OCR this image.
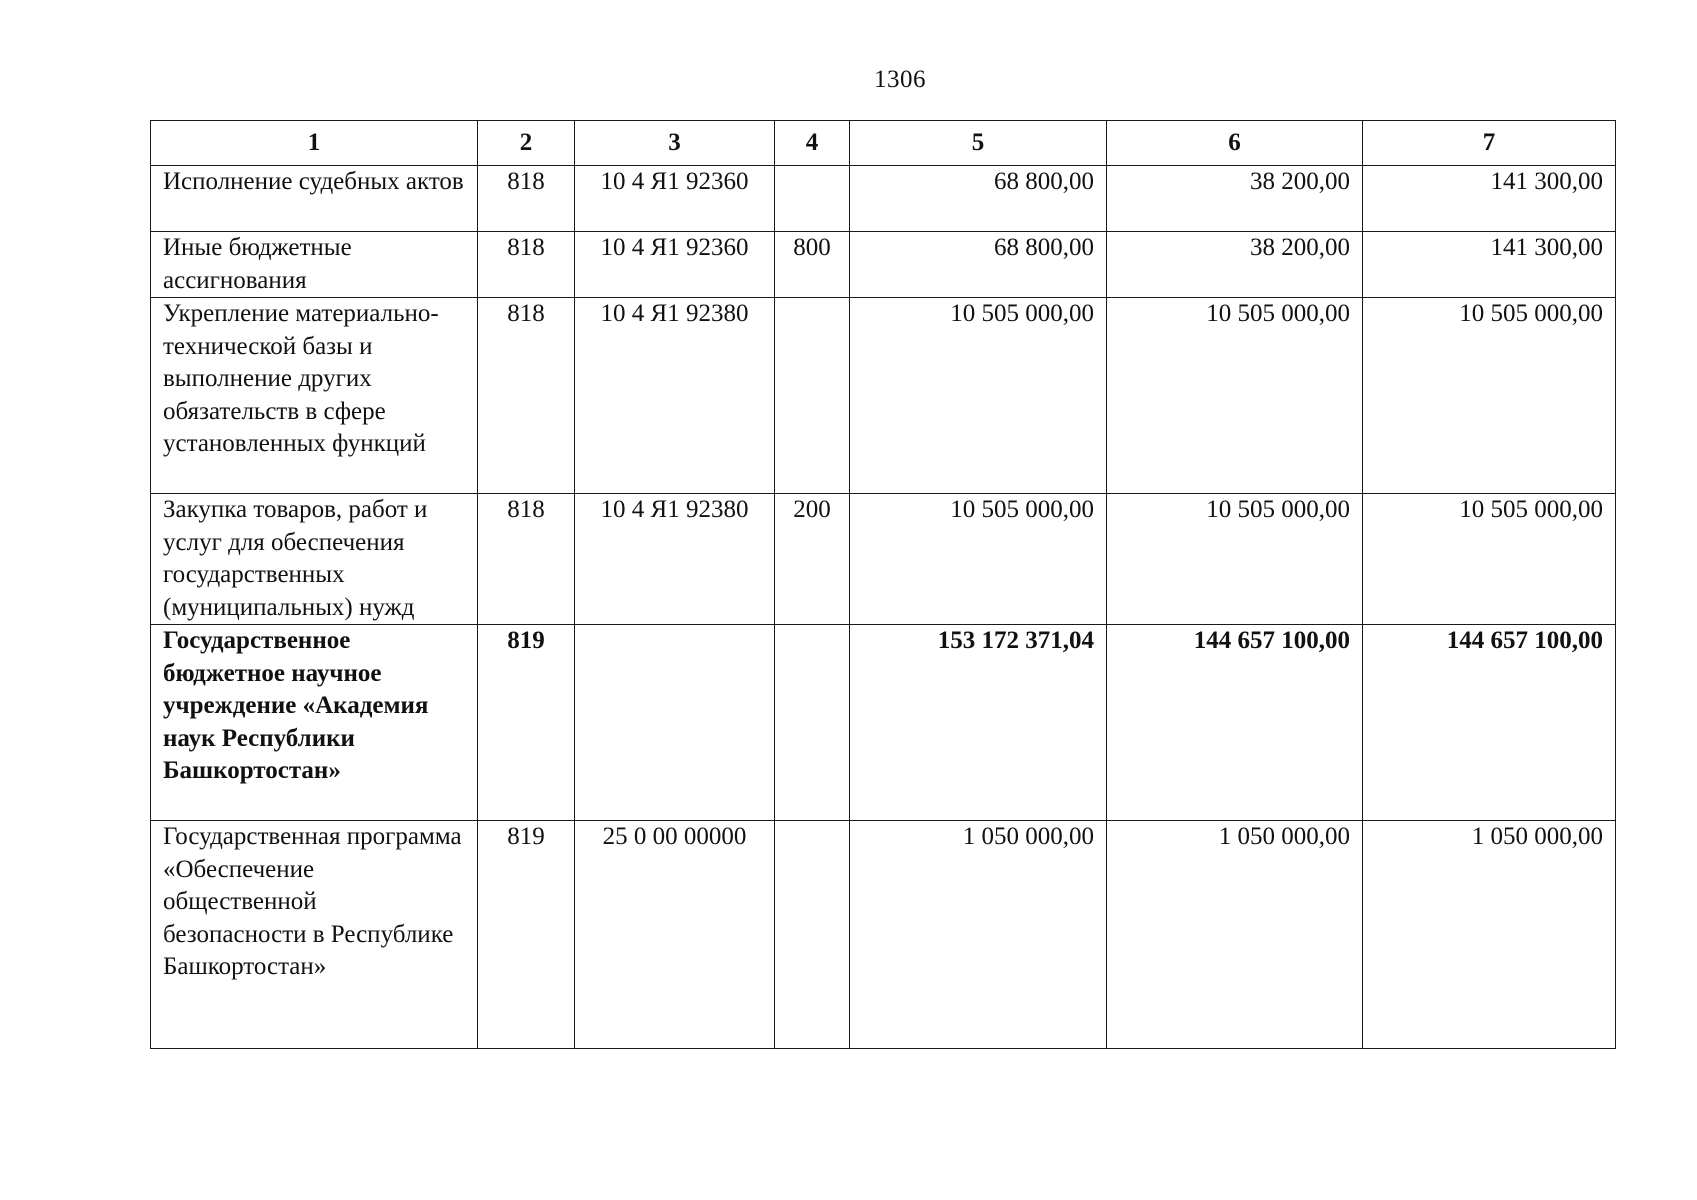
1306
1	2	3	4	5	6	7
Исполнение судебных актов	818	10 4 Я1 92360		68 800,00	38 200,00	141 300,00
Иные бюджетные ассигнования	818	10 4 Я1 92360	800	68 800,00	38 200,00	141 300,00
Укрепление материально-технической базы и выполнение других обязательств в сфере установленных функций	818	10 4 Я1 92380		10 505 000,00	10 505 000,00	10 505 000,00
Закупка товаров, работ и услуг для обеспечения государственных (муниципальных) нужд	818	10 4 Я1 92380	200	10 505 000,00	10 505 000,00	10 505 000,00
Государственное бюджетное научное учреждение «Академия наук Республики Башкортостан»	819			153 172 371,04	144 657 100,00	144 657 100,00
Государственная программа «Обеспечение общественной безопасности в Республике Башкортостан»	819	25 0 00 00000		1 050 000,00	1 050 000,00	1 050 000,00
